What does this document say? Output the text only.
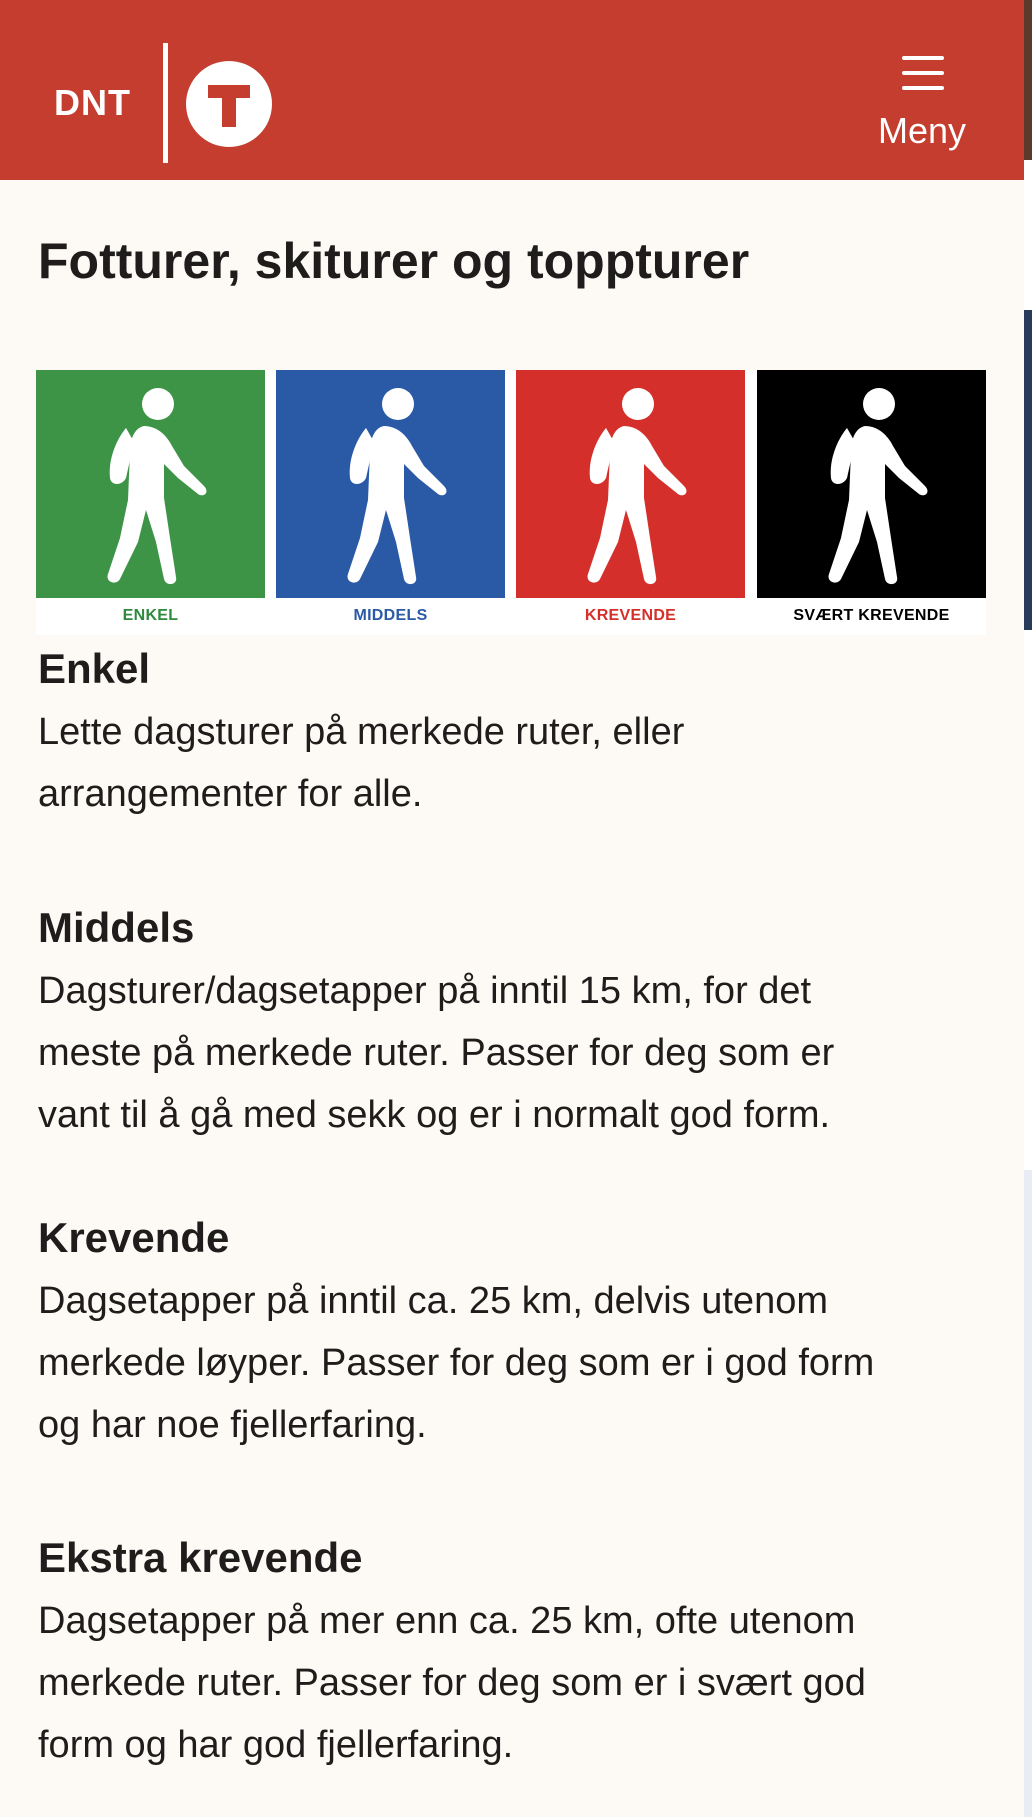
DNT
Meny
Fotturer, skiturer og toppturer
ENKEL	MIDDELS	KREVENDE	SVÆRT KREVENDE
Enkel

Lette dagsturer på merkede ruter, eller
arrangementer for alle.

Middels

Dagsturer/dagsetapper på inntil 15 km, for det
meste på merkede ruter. Passer for deg som er
vant til å gå med sekk og er i normalt god form.

Krevende

Dagsetapper på inntil ca. 25 km, delvis utenom
merkede løyper. Passer for deg som er i god form
og har noe fjellerfaring.

Ekstra krevende

Dagsetapper på mer enn ca. 25 km, ofte utenom
merkede ruter. Passer for deg som er i svært god
form og har god fjellerfaring.
